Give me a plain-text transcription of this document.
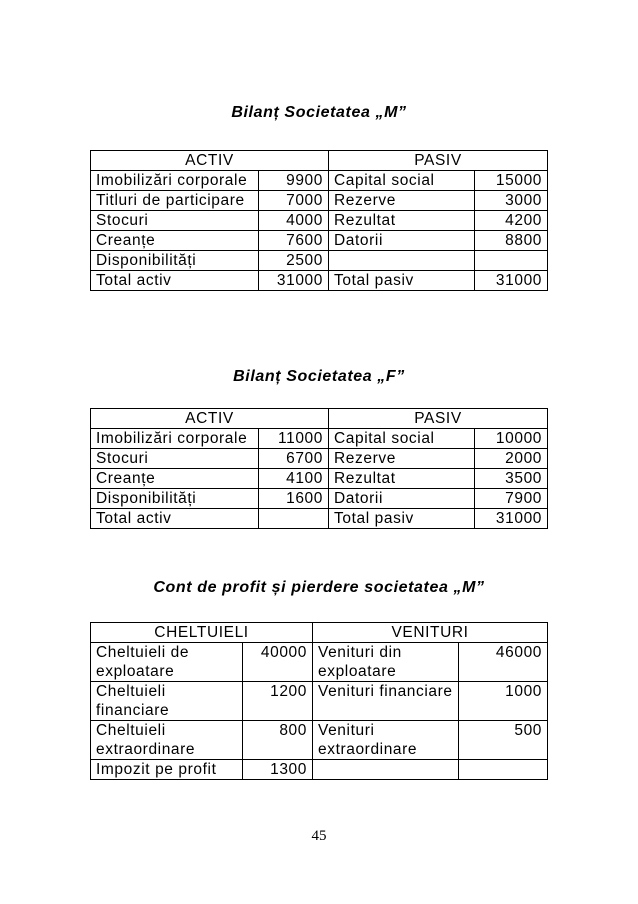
Bilanț Societatea „M”
ACTIV		PASIV	
Imobilizări corporale	9900	Capital social	15000
Titluri de participare	7000	Rezerve	3000
Stocuri	4000	Rezultat	4200
Creanțe	7600	Datorii	8800
Disponibilități	2500		
Total activ	31000	Total pasiv	31000
Bilanț Societatea „F”
ACTIV		PASIV	
Imobilizări corporale	11000	Capital social	10000
Stocuri	6700	Rezerve	2000
Creanțe	4100	Rezultat	3500
Disponibilități	1600	Datorii	7900
Total activ		Total pasiv	31000
Cont de profit și pierdere societatea „M”
CHELTUIELI		VENITURI	
Cheltuieli de exploatare	40000	Venituri din exploatare	46000
Cheltuieli financiare	1200	Venituri financiare	1000
Cheltuieli extraordinare	800	Venituri extraordinare	500
Impozit pe profit	1300		
45
